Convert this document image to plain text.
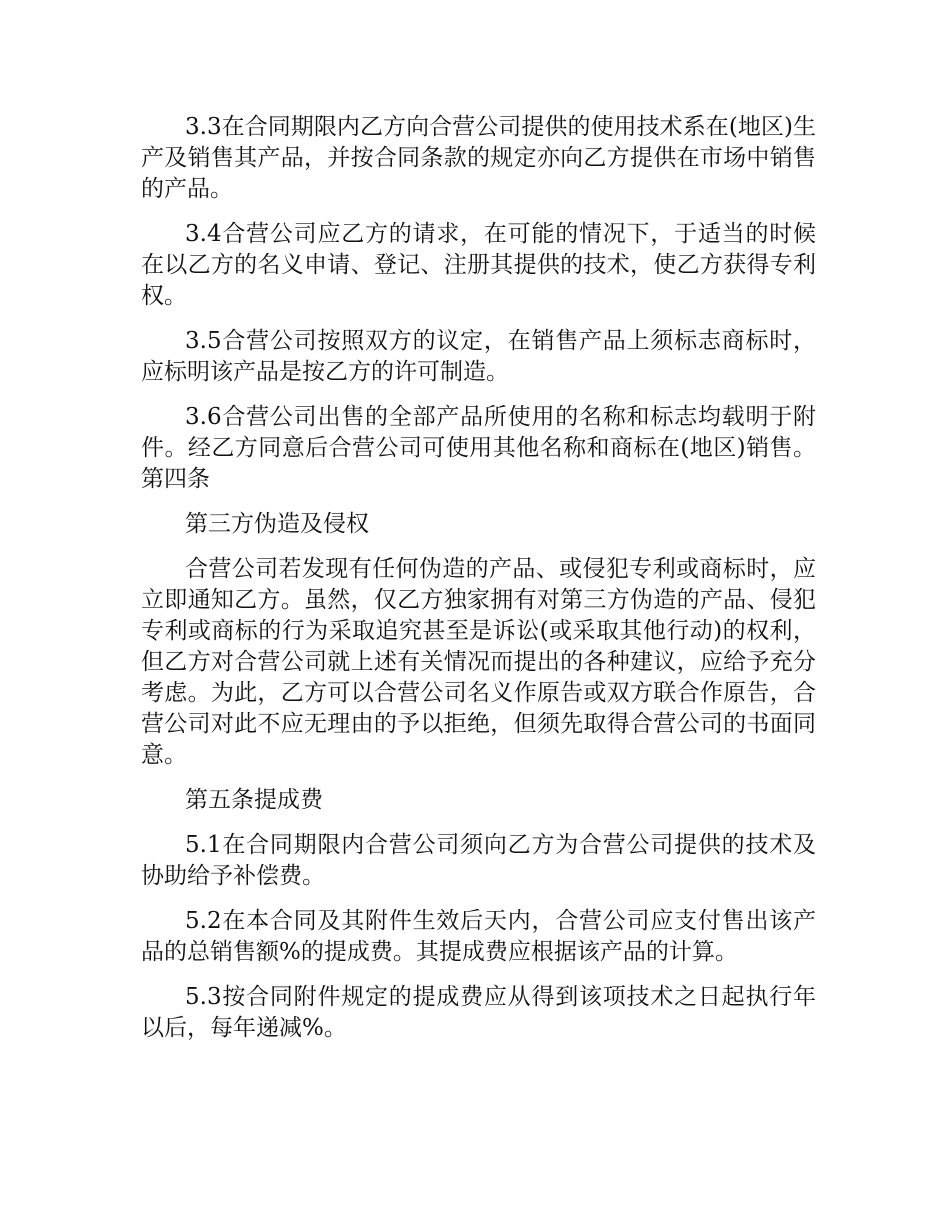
3.3在合同期限内乙方向合营公司提供的使用技术系在(地区)生产及销售其产品，并按合同条款的规定亦向乙方提供在市场中销售的产品。

3.4合营公司应乙方的请求，在可能的情况下，于适当的时候在以乙方的名义申请、登记、注册其提供的技术，使乙方获得专利权。

3.5合营公司按照双方的议定，在销售产品上须标志商标时，应标明该产品是按乙方的许可制造。

3.6合营公司出售的全部产品所使用的名称和标志均载明于附件。经乙方同意后合营公司可使用其他名称和商标在(地区)销售。第四条

第三方伪造及侵权

合营公司若发现有任何伪造的产品、或侵犯专利或商标时，应立即通知乙方。虽然，仅乙方独家拥有对第三方伪造的产品、侵犯专利或商标的行为采取追究甚至是诉讼(或采取其他行动)的权利，但乙方对合营公司就上述有关情况而提出的各种建议，应给予充分考虑。为此，乙方可以合营公司名义作原告或双方联合作原告，合营公司对此不应无理由的予以拒绝，但须先取得合营公司的书面同意。

第五条提成费

5.1在合同期限内合营公司须向乙方为合营公司提供的技术及协助给予补偿费。

5.2在本合同及其附件生效后天内，合营公司应支付售出该产品的总销售额%的提成费。其提成费应根据该产品的计算。

5.3按合同附件规定的提成费应从得到该项技术之日起执行年以后，每年递减%。
